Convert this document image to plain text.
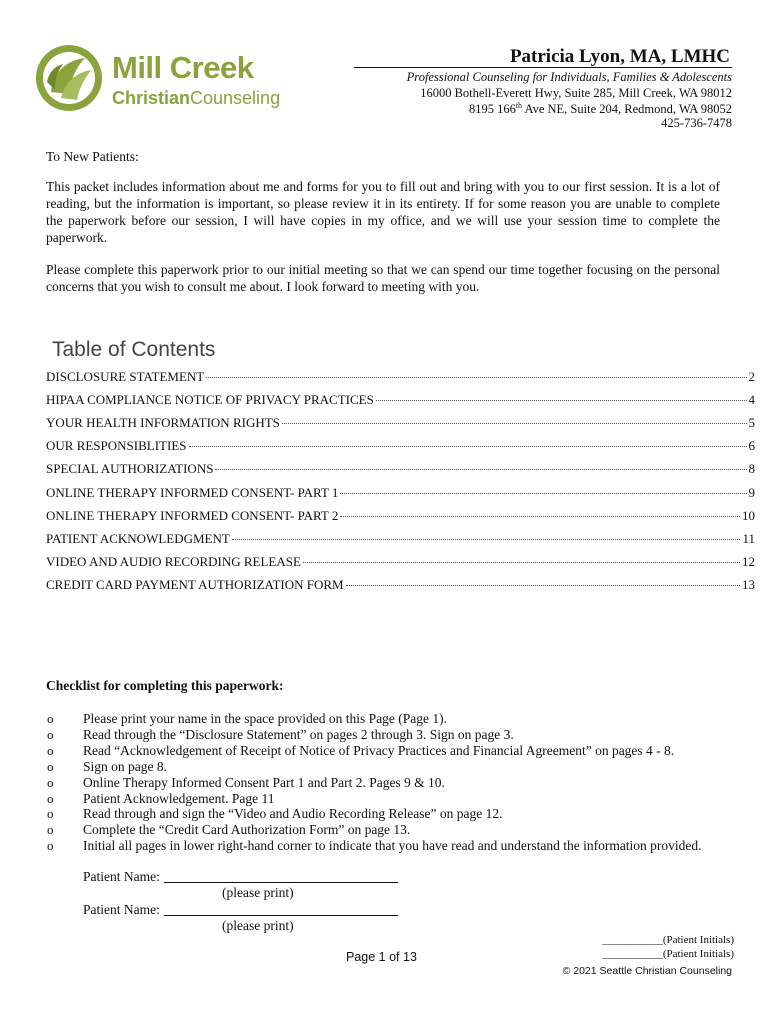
Mill Creek
ChristianCounseling
Patricia Lyon, MA, LMHC
Professional Counseling for Individuals, Families & Adolescents
16000 Bothell-Everett Hwy, Suite 285, Mill Creek, WA 98012
8195 166th Ave NE, Suite 204, Redmond, WA 98052
425-736-7478
To New Patients:
This packet includes information about me and forms for you to fill out and bring with you to our first session. It is a lot of reading, but the information is important, so please review it in its entirety. If for some reason you are unable to complete the paperwork before our session, I will have copies in my office, and we will use your session time to complete the paperwork.
Please complete this paperwork prior to our initial meeting so that we can spend our time together focusing on the personal concerns that you wish to consult me about. I look forward to meeting with you.
Table of Contents
DISCLOSURE STATEMENT	2
HIPAA COMPLIANCE NOTICE OF PRIVACY PRACTICES	4
YOUR HEALTH INFORMATION RIGHTS	5
OUR RESPONSIBLITIES	6
SPECIAL AUTHORIZATIONS	8
ONLINE THERAPY INFORMED CONSENT- PART 1	9
ONLINE THERAPY INFORMED CONSENT- PART 2	10
PATIENT ACKNOWLEDGMENT	11
VIDEO AND AUDIO RECORDING RELEASE	12
CREDIT CARD PAYMENT AUTHORIZATION FORM	13
Checklist for completing this paperwork:
o Please print your name in the space provided on this Page (Page 1).
o Read through the “Disclosure Statement” on pages 2 through 3. Sign on page 3.
o Read “Acknowledgement of Receipt of Notice of Privacy Practices and Financial Agreement” on pages 4 - 8.
o Sign on page 8.
o Online Therapy Informed Consent Part 1 and Part 2. Pages 9 & 10.
o Patient Acknowledgement. Page 11
o Read through and sign the “Video and Audio Recording Release” on page 12.
o Complete the “Credit Card Authorization Form” on page 13.
o Initial all pages in lower right-hand corner to indicate that you have read and understand the information provided.
Patient Name:
(please print)
Patient Name:
(please print)
Page 1 of 13
___________(Patient Initials)
___________(Patient Initials)
© 2021 Seattle Christian Counseling
